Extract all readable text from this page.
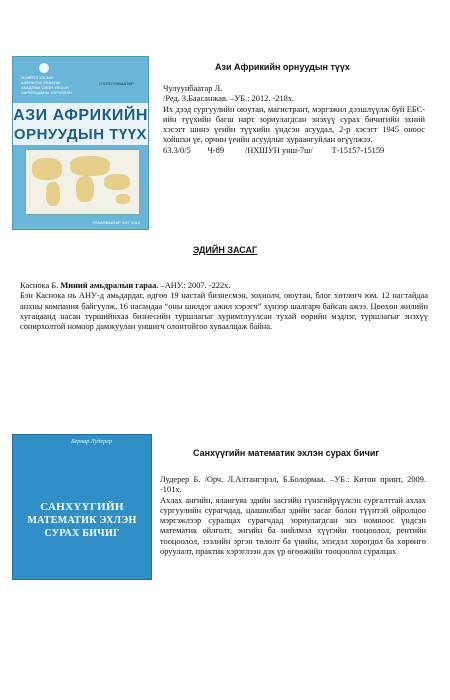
МОНГОЛ УЛСЫН ШИНЖЛЭХ УХААНЫ АКАДЕМИ ОЛОН УЛСЫН ХАРИЛЦААНЫ ХҮРЭЭЛЭН
Л.ЧУЛУУНБААТАР
АЗИ АФРИКИЙН
ОРНУУДЫН ТҮҮХ
УЛААНБААТАР ХОТ 2012
Ази Африкийн орнуудын түүх

Чулуунбаатар Л.

/Ред. З.Баасанжав. –УБ.: 2012. -218х.

Их дээд сургуулийн оюутан, магистрант, мэргэжил дээшлүүлж буй ЕБС-ийн түүхийн багш нарт зориулагдсан энэхүү сурах бичигийн эхний хэсэгт шинэ үеийн түүхийн үндсэн асуудал, 2-р хэсэгт 1945 оноос хойшхи үе, орчин үеийн асуудлыг хураангуйлан өгүүлжээ.

63.3/0/5 Ч-89 /НХШУН унш-7ш/ Т-15157-15159

ЭДИЙН ЗАСАГ

Каснока Б. Миний амьдралын гараа. –АНУ.: 2007. -222х.

Бэн Каснока нь АНУ-д амьдардаг, өдгөө 19 настай бизнесмэн, зохиолч, оюутан, блог хөтлөгч юм. 12 настайдаа анхны компания байгуулж, 16 насандаа “оны шилдэг ажил хэрэгч” хүнээр шалгарч байсан ажээ. Цөөхөн жилийн хугацаанд насан туршийнхаа бизнесийн туршлагыг хуримтлуулсан тухай өөрийн мэдлэг, туршлагыг энэхүү сонирхолтой номоор дамжуулан уншигч олонтойгоо хуваалцаж байна.

Бернар Лудерер
САНХҮҮГИЙН
МАТЕМАТИК ЭХЛЭН
СУРАХ БИЧИГ
Санхүүгийн математик эхлэн сурах бичиг

Лудерер Б. /Орч. Л.Алтангэрэл, Б.Болормаа. –УБ.: Китон принт, 2009. -101х.

Ахлах ангийн, ялангуяа эдийн засгийн гүнзгийрүүлсэн сургалттай ахлах сургуулийн сурагчдад, цаашилбал эдийн засаг болон түүнтэй ойролцоо мэргэжлээр суралцах сурагчдад зориулагдсан энэ номноос үндсэн математик ойлголт, энгийн ба нийлмэл хүүгийн тооцоолол, рентийн тооцоолол, зээлийн эргэн төлөлт ба үнийн, элэгдэл хорогдол ба хөрөнгө оруулалт, практик хэрэглээн дэх үр өгөөжийн тооцоолол суралцах
